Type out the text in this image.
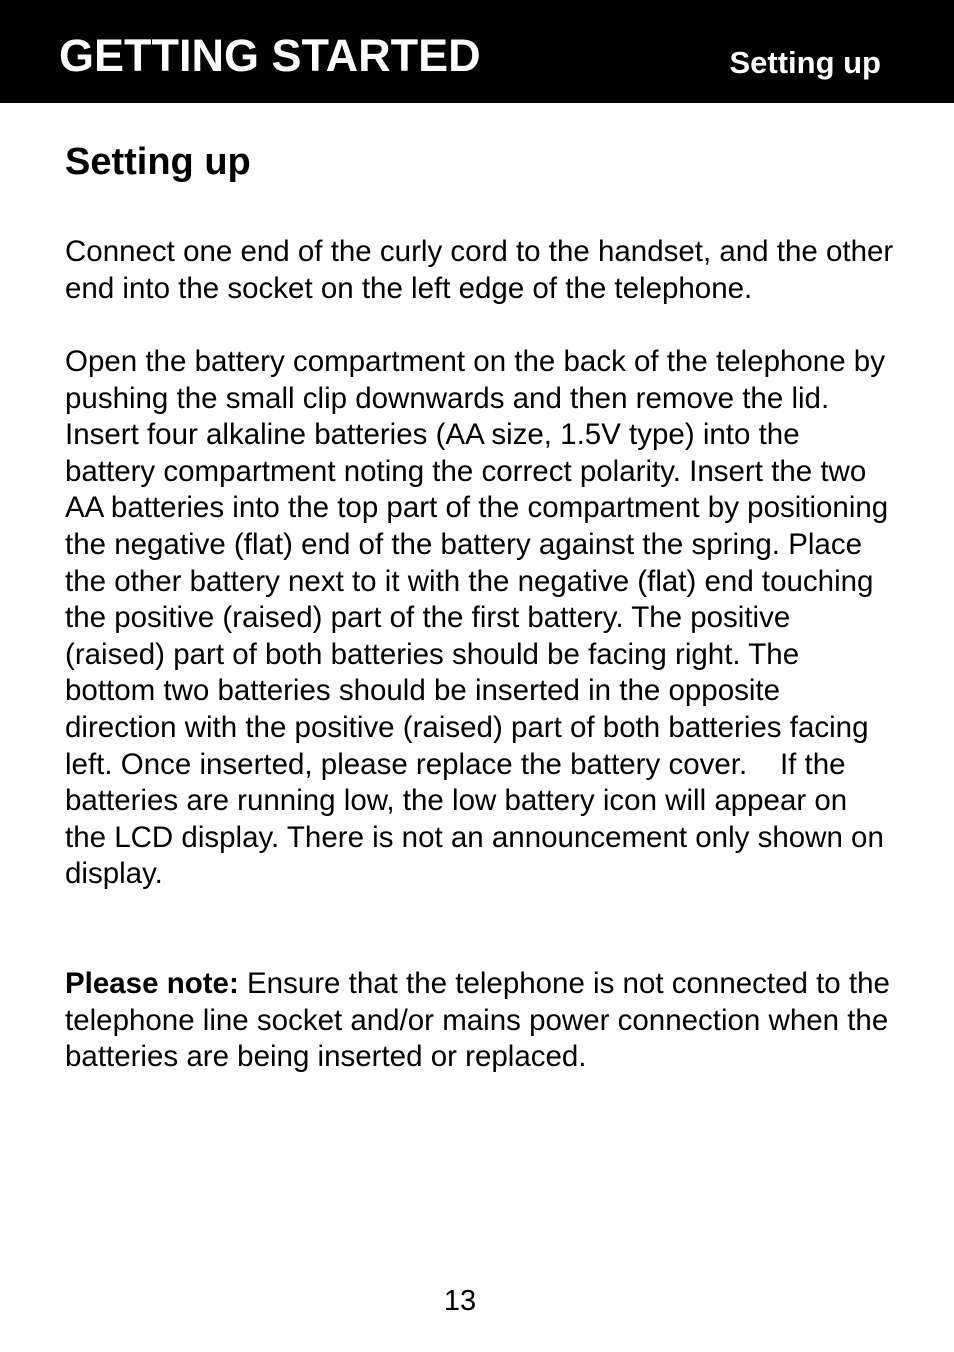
GETTING STARTED	Setting up
Setting up

Connect one end of the curly cord to the handset, and the other end into the socket on the left edge of the telephone.

Open the battery compartment on the back of the telephone by pushing the small clip downwards and then remove the lid. Insert four alkaline batteries (AA size, 1.5V type) into the battery compartment noting the correct polarity. Insert the two AA batteries into the top part of the compartment by positioning the negative (flat) end of the battery against the spring. Place the other battery next to it with the negative (flat) end touching the positive (raised) part of the first battery. The positive (raised) part of both batteries should be facing right. The bottom two batteries should be inserted in the opposite direction with the positive (raised) part of both batteries facing left. Once inserted, please replace the battery cover.    If the batteries are running low, the low battery icon will appear on the LCD display. There is not an announcement only shown on display.

Please note: Ensure that the telephone is not connected to the telephone line socket and/or mains power connection when the batteries are being inserted or replaced.

13
